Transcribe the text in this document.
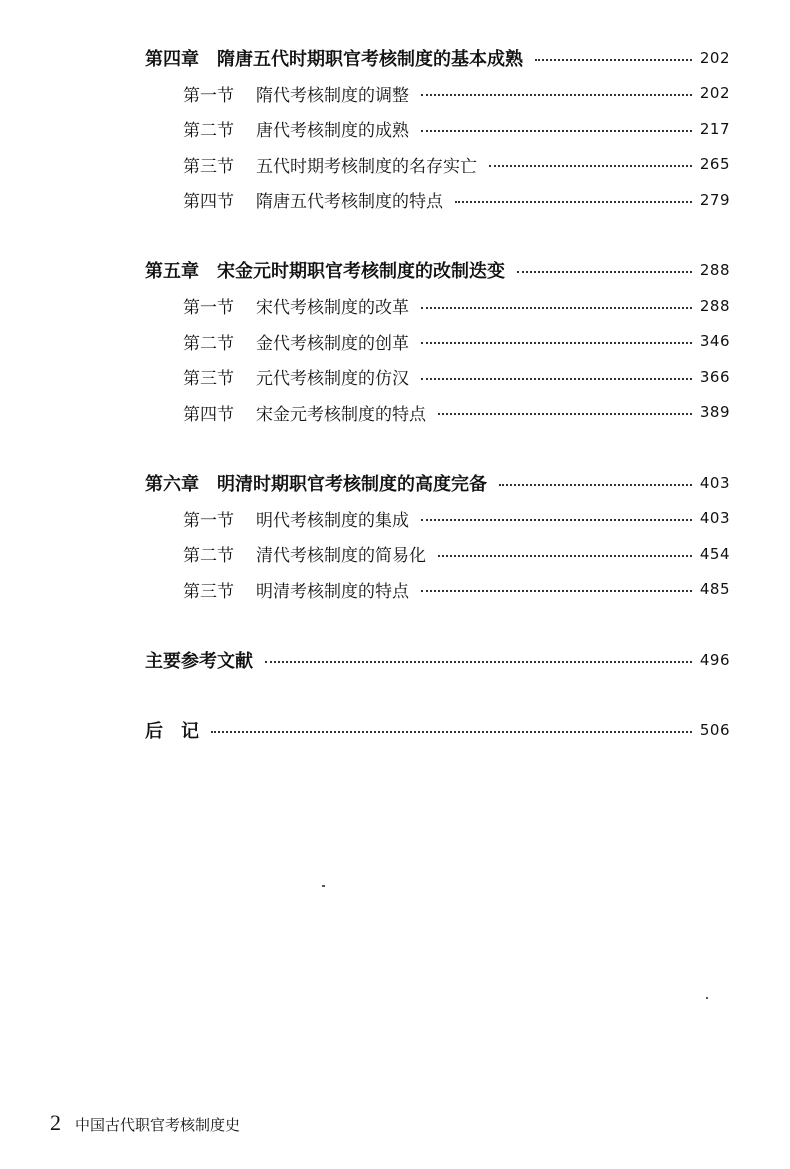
第四章 隋唐五代时期职官考核制度的基本成熟	202
第一节 隋代考核制度的调整	202
第二节 唐代考核制度的成熟	217
第三节 五代时期考核制度的名存实亡	265
第四节 隋唐五代考核制度的特点	279
第五章 宋金元时期职官考核制度的改制迭变	288
第一节 宋代考核制度的改革	288
第二节 金代考核制度的创革	346
第三节 元代考核制度的仿汉	366
第四节 宋金元考核制度的特点	389
第六章 明清时期职官考核制度的高度完备	403
第一节 明代考核制度的集成	403
第二节 清代考核制度的简易化	454
第三节 明清考核制度的特点	485
主要参考文献	496
后　记	506
2 中国古代职官考核制度史
